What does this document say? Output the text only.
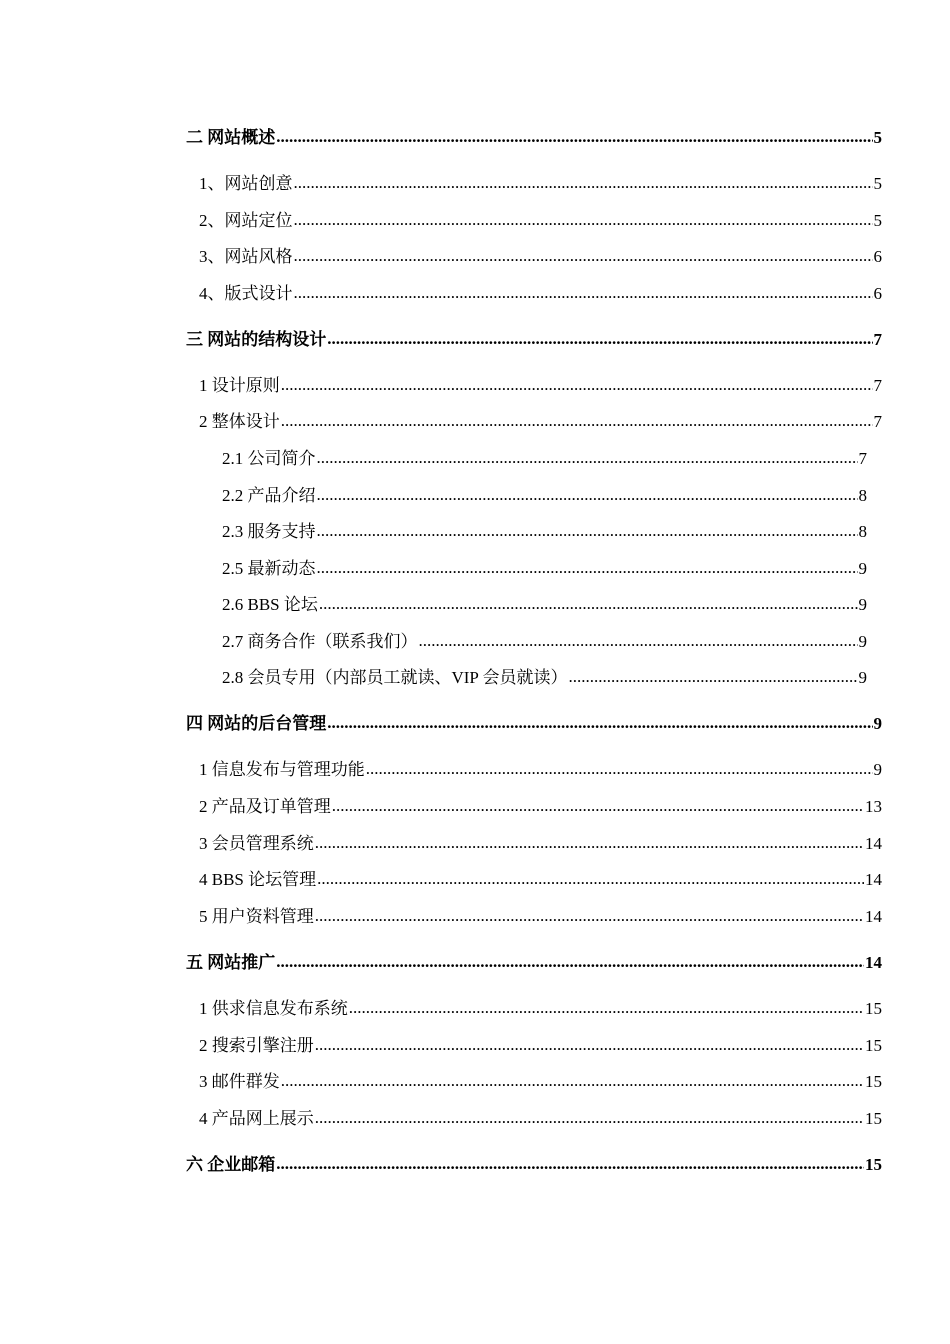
二 网站概述 .....	5
1、网站创意 .....	5
2、网站定位 .....	5
3、网站风格 .....	6
4、版式设计 .....	6
三 网站的结构设计 .....	7
1 设计原则 .....	7
2 整体设计 .....	7
2.1 公司简介 .....	7
2.2 产品介绍 .....	8
2.3 服务支持 .....	8
2.5 最新动态 .....	9
2.6 BBS 论坛 .....	9
2.7 商务合作（联系我们） .....	9
2.8 会员专用（内部员工就读、VIP 会员就读） .....	9
四 网站的后台管理 .....	9
1 信息发布与管理功能 .....	9
2 产品及订单管理 .....	13
3 会员管理系统 .....	14
4 BBS 论坛管理 .....	14
5 用户资料管理 .....	14
五 网站推广 .....	14
1 供求信息发布系统 .....	15
2 搜索引擎注册 .....	15
3 邮件群发 .....	15
4 产品网上展示 .....	15
六 企业邮箱 .....	15
